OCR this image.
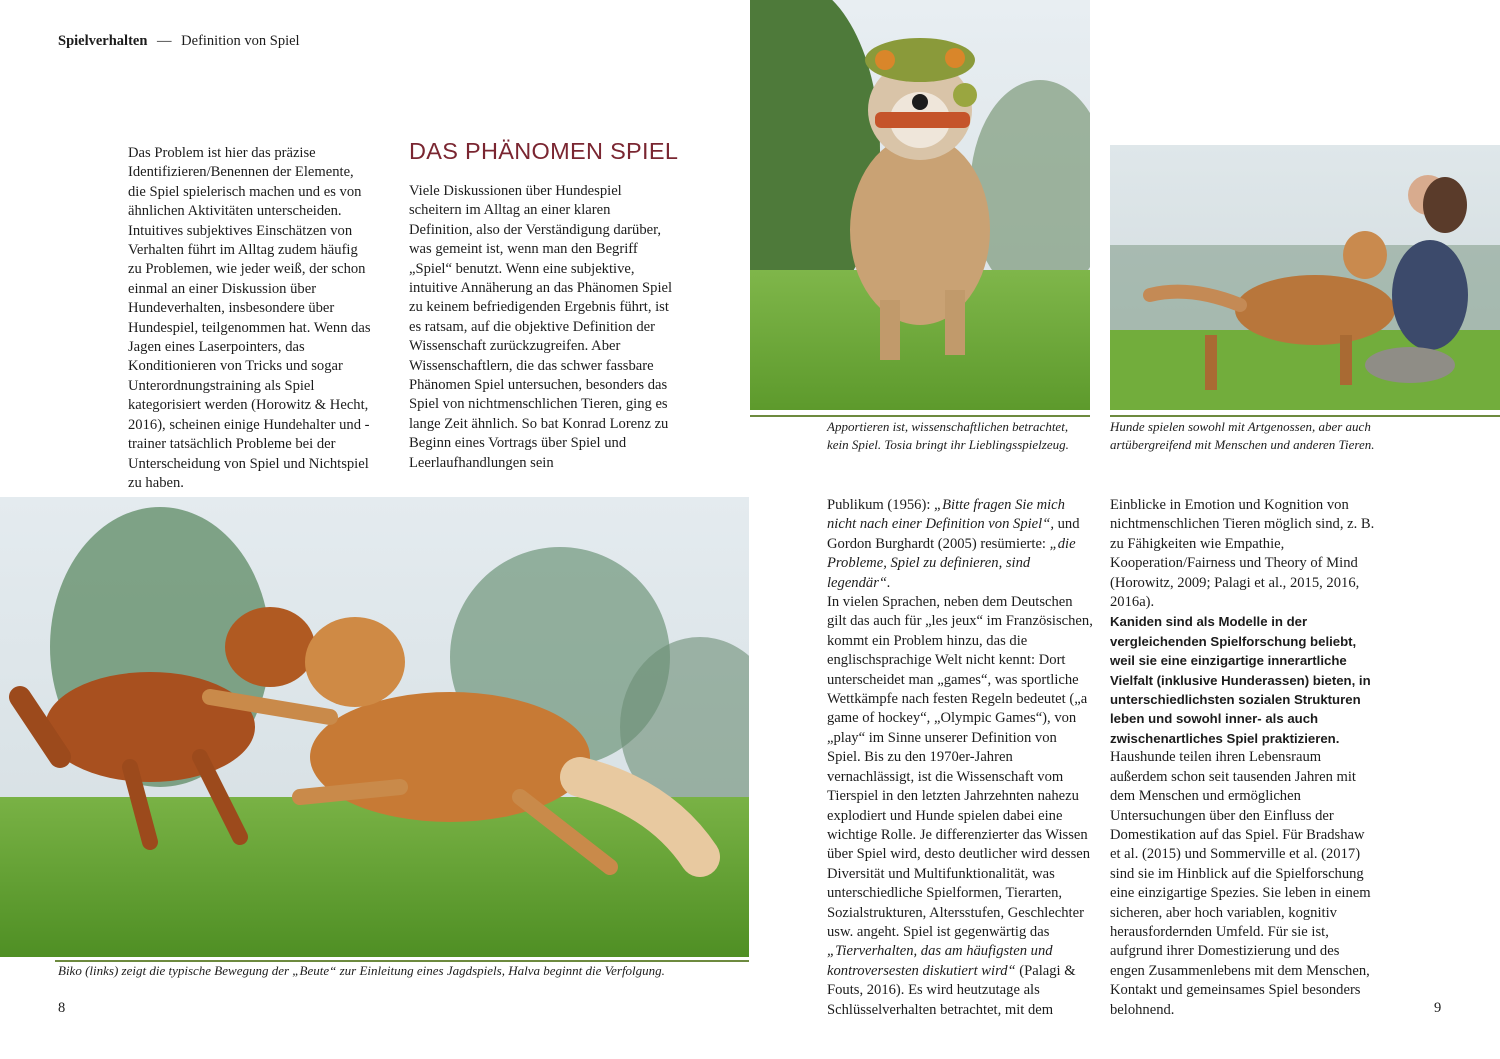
Spielverhalten — Definition von Spiel

Das Problem ist hier das präzise Identifizieren/Benennen der Elemente, die Spiel spielerisch machen und es von ähnlichen Aktivitäten unterscheiden. Intuitives subjektives Einschätzen von Verhalten führt im Alltag zudem häufig zu Problemen, wie jeder weiß, der schon einmal an einer Diskussion über Hundeverhalten, insbesondere über Hundespiel, teilgenommen hat. Wenn das Jagen eines Laserpointers, das Konditionieren von Tricks und sogar Unterordnungstraining als Spiel kategorisiert werden (Horowitz & Hecht, 2016), scheinen einige Hundehalter und -trainer tatsächlich Probleme bei der Unterscheidung von Spiel und Nichtspiel zu haben.

DAS PHÄNOMEN SPIEL

Viele Diskussionen über Hundespiel scheitern im Alltag an einer klaren Definition, also der Verständigung darüber, was gemeint ist, wenn man den Begriff „Spiel“ benutzt. Wenn eine subjektive, intuitive Annäherung an das Phänomen Spiel zu keinem befriedigenden Ergebnis führt, ist es ratsam, auf die objektive Definition der Wissenschaft zurückzugreifen. Aber Wissenschaftlern, die das schwer fassbare Phänomen Spiel untersuchen, besonders das Spiel von nichtmenschlichen Tieren, ging es lange Zeit ähnlich. So bat Konrad Lorenz zu Beginn eines Vortrags über Spiel und Leerlaufhandlungen sein

Apportieren ist, wissenschaftlichen betrachtet, kein Spiel. Tosia bringt ihr Lieblingsspielzeug.
Hunde spielen sowohl mit Artgenossen, aber auch artübergreifend mit Menschen und anderen Tieren.
Biko (links) zeigt die typische Bewegung der „Beute“ zur Einleitung eines Jagdspiels, Halva beginnt die Verfolgung.

Publikum (1956): „Bitte fragen Sie mich nicht nach einer Definition von Spiel“, und Gordon Burghardt (2005) resümierte: „die Probleme, Spiel zu definieren, sind legendär“.

In vielen Sprachen, neben dem Deutschen gilt das auch für „les jeux“ im Französischen, kommt ein Problem hinzu, das die englischsprachige Welt nicht kennt: Dort unterscheidet man „games“, was sportliche Wettkämpfe nach festen Regeln bedeutet („a game of hockey“, „Olympic Games“), von „play“ im Sinne unserer Definition von Spiel. Bis zu den 1970er-Jahren vernachlässigt, ist die Wissenschaft vom Tierspiel in den letzten Jahrzehnten nahezu explodiert und Hunde spielen dabei eine wichtige Rolle. Je differenzierter das Wissen über Spiel wird, desto deutlicher wird dessen Diversität und Multifunktionalität, was unterschiedliche Spielformen, Tierarten, Sozialstrukturen, Altersstufen, Geschlechter usw. angeht. Spiel ist gegenwärtig das „Tierverhalten, das am häufigsten und kontroversesten diskutiert wird“ (Palagi & Fouts, 2016). Es wird heutzutage als Schlüsselverhalten betrachtet, mit dem

Einblicke in Emotion und Kognition von nichtmenschlichen Tieren möglich sind, z. B. zu Fähigkeiten wie Empathie, Kooperation/Fairness und Theory of Mind (Horowitz, 2009; Palagi et al., 2015, 2016, 2016a).

Kaniden sind als Modelle in der vergleichenden Spielforschung beliebt, weil sie eine einzigartige innerartliche Vielfalt (inklusive Hunderassen) bieten, in unterschiedlichsten sozialen Strukturen leben und sowohl inner- als auch zwischenartliches Spiel praktizieren.

Haushunde teilen ihren Lebensraum außerdem schon seit tausenden Jahren mit dem Menschen und ermöglichen Untersuchungen über den Einfluss der Domestikation auf das Spiel. Für Bradshaw et al. (2015) und Sommerville et al. (2017) sind sie im Hinblick auf die Spielforschung eine einzigartige Spezies. Sie leben in einem sicheren, aber hoch variablen, kognitiv herausfordernden Umfeld. Für sie ist, aufgrund ihrer Domestizierung und des engen Zusammenlebens mit dem Menschen, Kontakt und gemeinsames Spiel besonders belohnend.

8	9
